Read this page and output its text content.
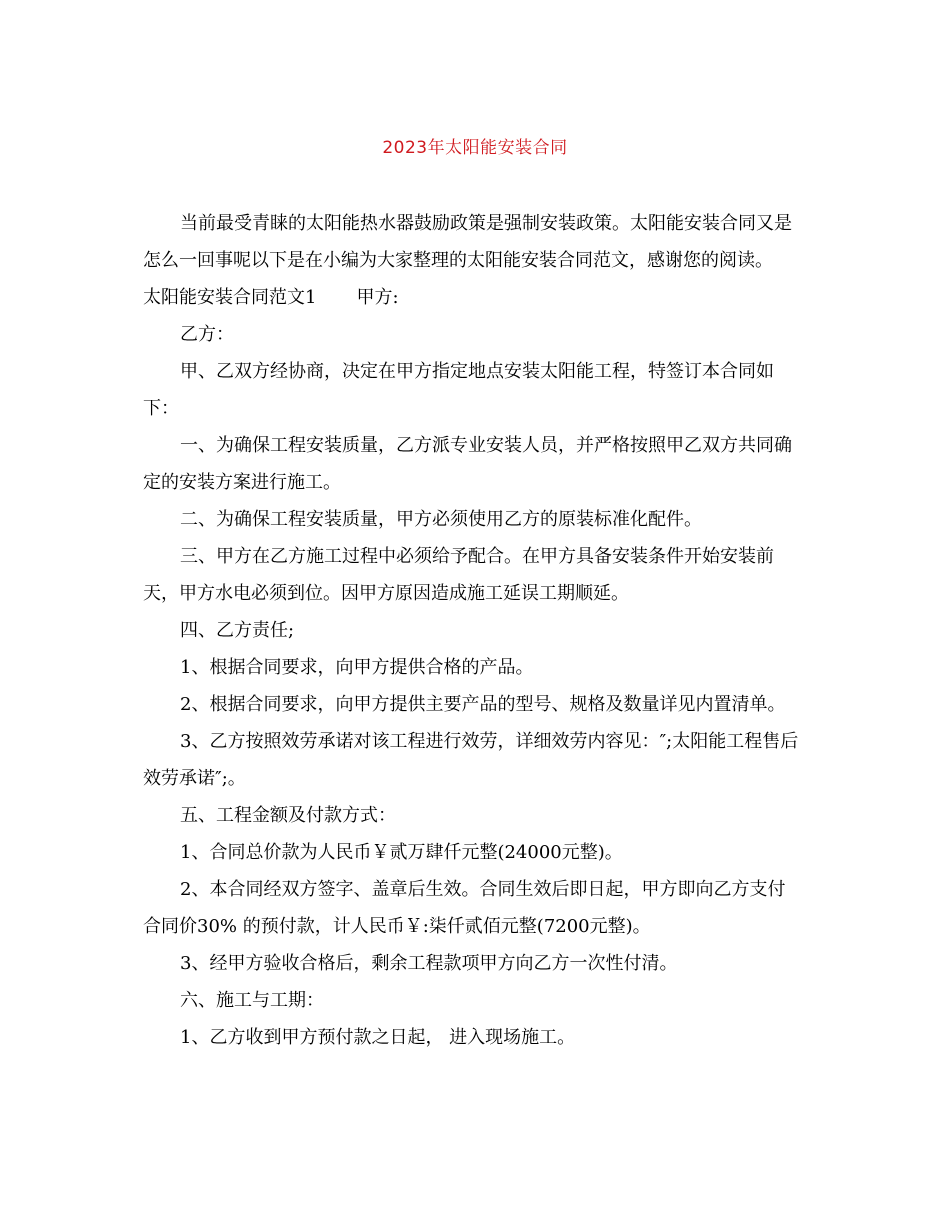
2023年太阳能安装合同

当前最受青睐的太阳能热水器鼓励政策是强制安装政策。太阳能安装合同又是怎么一回事呢以下是在小编为大家整理的太阳能安装合同范文，感谢您的阅读。

太阳能安装合同范文1 甲方:

乙方：

甲、乙双方经协商，决定在甲方指定地点安装太阳能工程，特签订本合同如下：

一、为确保工程安装质量，乙方派专业安装人员，并严格按照甲乙双方共同确定的安装方案进行施工。

二、为确保工程安装质量，甲方必须使用乙方的原装标准化配件。

三、甲方在乙方施工过程中必须给予配合。在甲方具备安装条件开始安装前天，甲方水电必须到位。因甲方原因造成施工延误工期顺延。

四、乙方责任;

1、根据合同要求，向甲方提供合格的产品。

2、根据合同要求，向甲方提供主要产品的型号、规格及数量详见内置清单。

3、乙方按照效劳承诺对该工程进行效劳，详细效劳内容见：″;太阳能工程售后效劳承诺″;。

五、工程金额及付款方式：

1、合同总价款为人民币￥贰万肆仟元整(24000元整)。

2、本合同经双方签字、盖章后生效。合同生效后即日起，甲方即向乙方支付合同价30% 的预付款，计人民币￥:柒仟贰佰元整(7200元整)。

3、经甲方验收合格后，剩余工程款项甲方向乙方一次性付清。

六、施工与工期：

1、乙方收到甲方预付款之日起， 进入现场施工。
